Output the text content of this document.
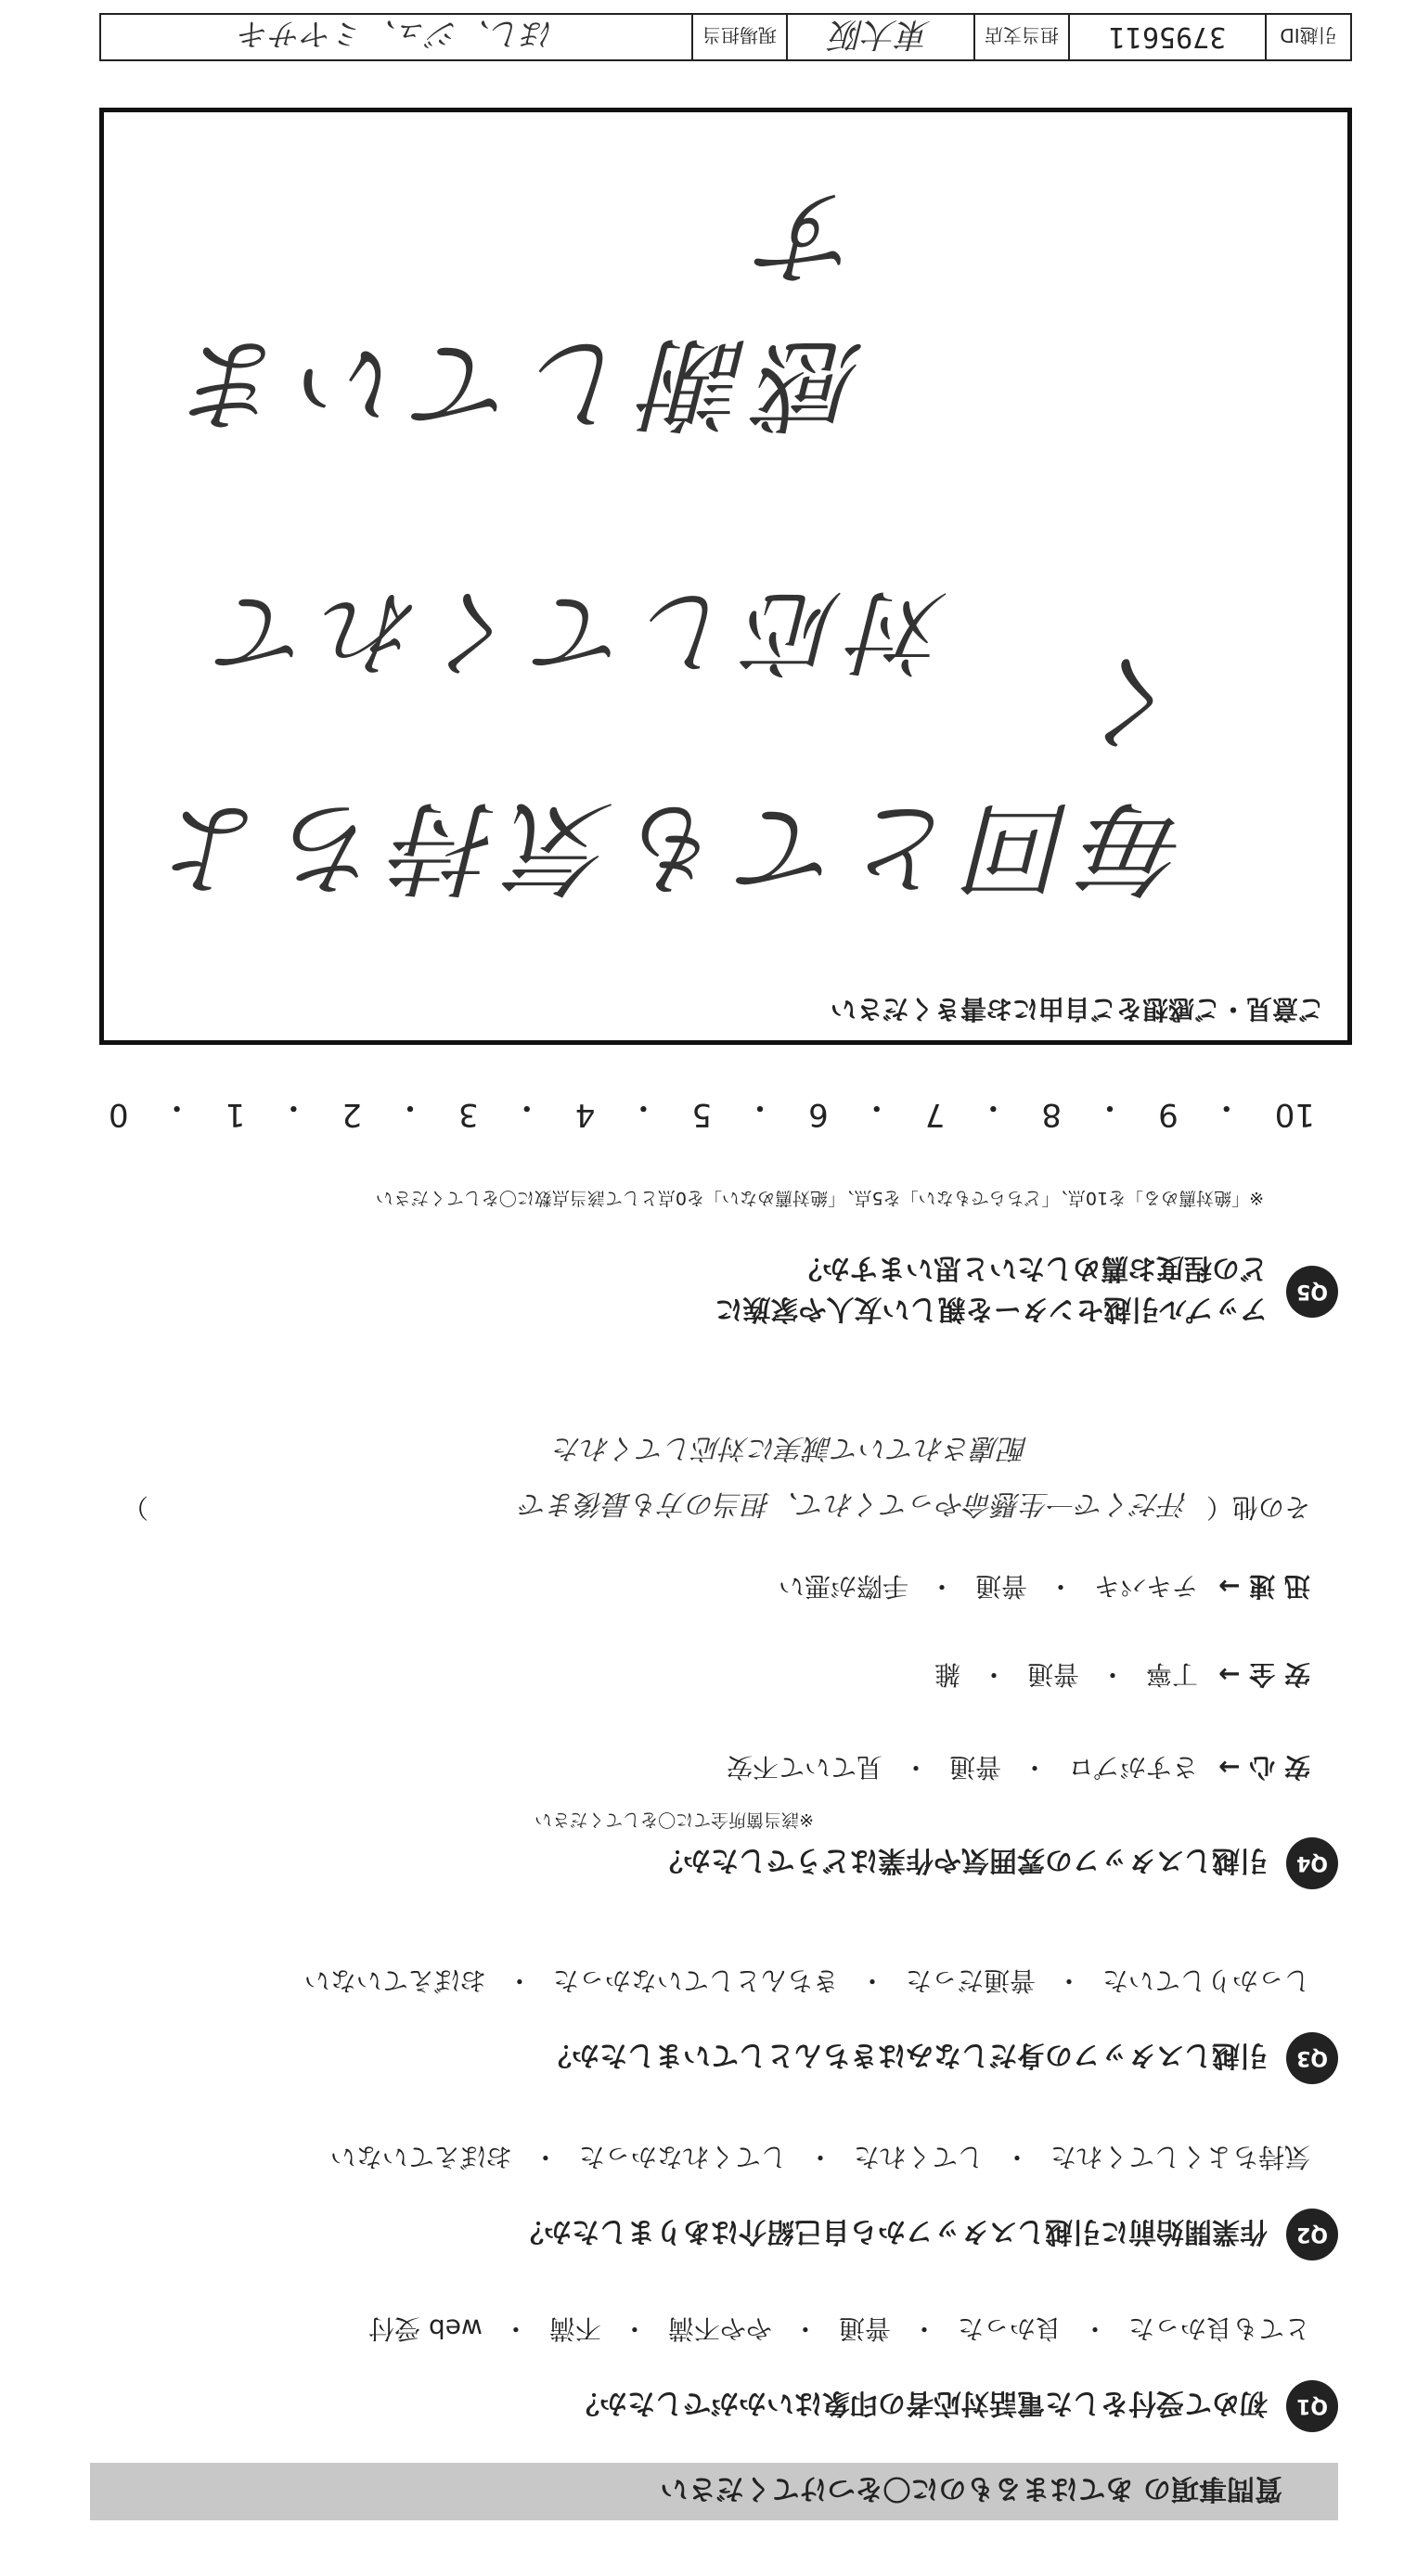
引越ID
3795611
担当支店
東大阪
現場担当
ほし、ジュ、ミヤサキ
質問事項の あてはまるものに〇をつけてください
Q1
初めて受付をした電話対応者の印象はいかがでしたか？
とても良かった
・
良かった
・
普通
・
やや不満
・
不満
・
web 受付
Q2
作業開始前に引越しスタッフから自己紹介はありましたか？
気持ちよくしてくれた
・
してくれた
・
してくれなかった
・
おぼえていない
Q3
引越しスタッフの身だしなみはきちんとしていましたか？
しっかりしていた
・
普通だった
・
きちんとしていなかった
・
おぼえていない
Q4
引越しスタッフの雰囲気や作業はどうでしたか？
※該当箇所全てに〇をしてください
安 心 →
さすがプロ
・
普通
・
見ていて不安
安 全 →
丁寧
・
普通
・
雑
迅 速 →
テキパキ
・
普通
・
手際が悪い
その他（
汗だくで一生懸命やってくれて、担当の方も最後まで
）
配慮されていて誠実に対応してくれた
Q5
アップル引越センターを親しい友人や家族に
どの程度お薦めしたいと思いますか？
※「絶対薦める」を10点、「どちらでもない」を5点、「絶対薦めない」を0点として該当点数に〇をしてください
10
・
9
・
8
・
7
・
6
・
5
・
4
・
3
・
2
・
1
・
0
ご意見・ご感想をご自由にお書きください
毎回とても気持ちよく
対応してくれて
感謝しています
